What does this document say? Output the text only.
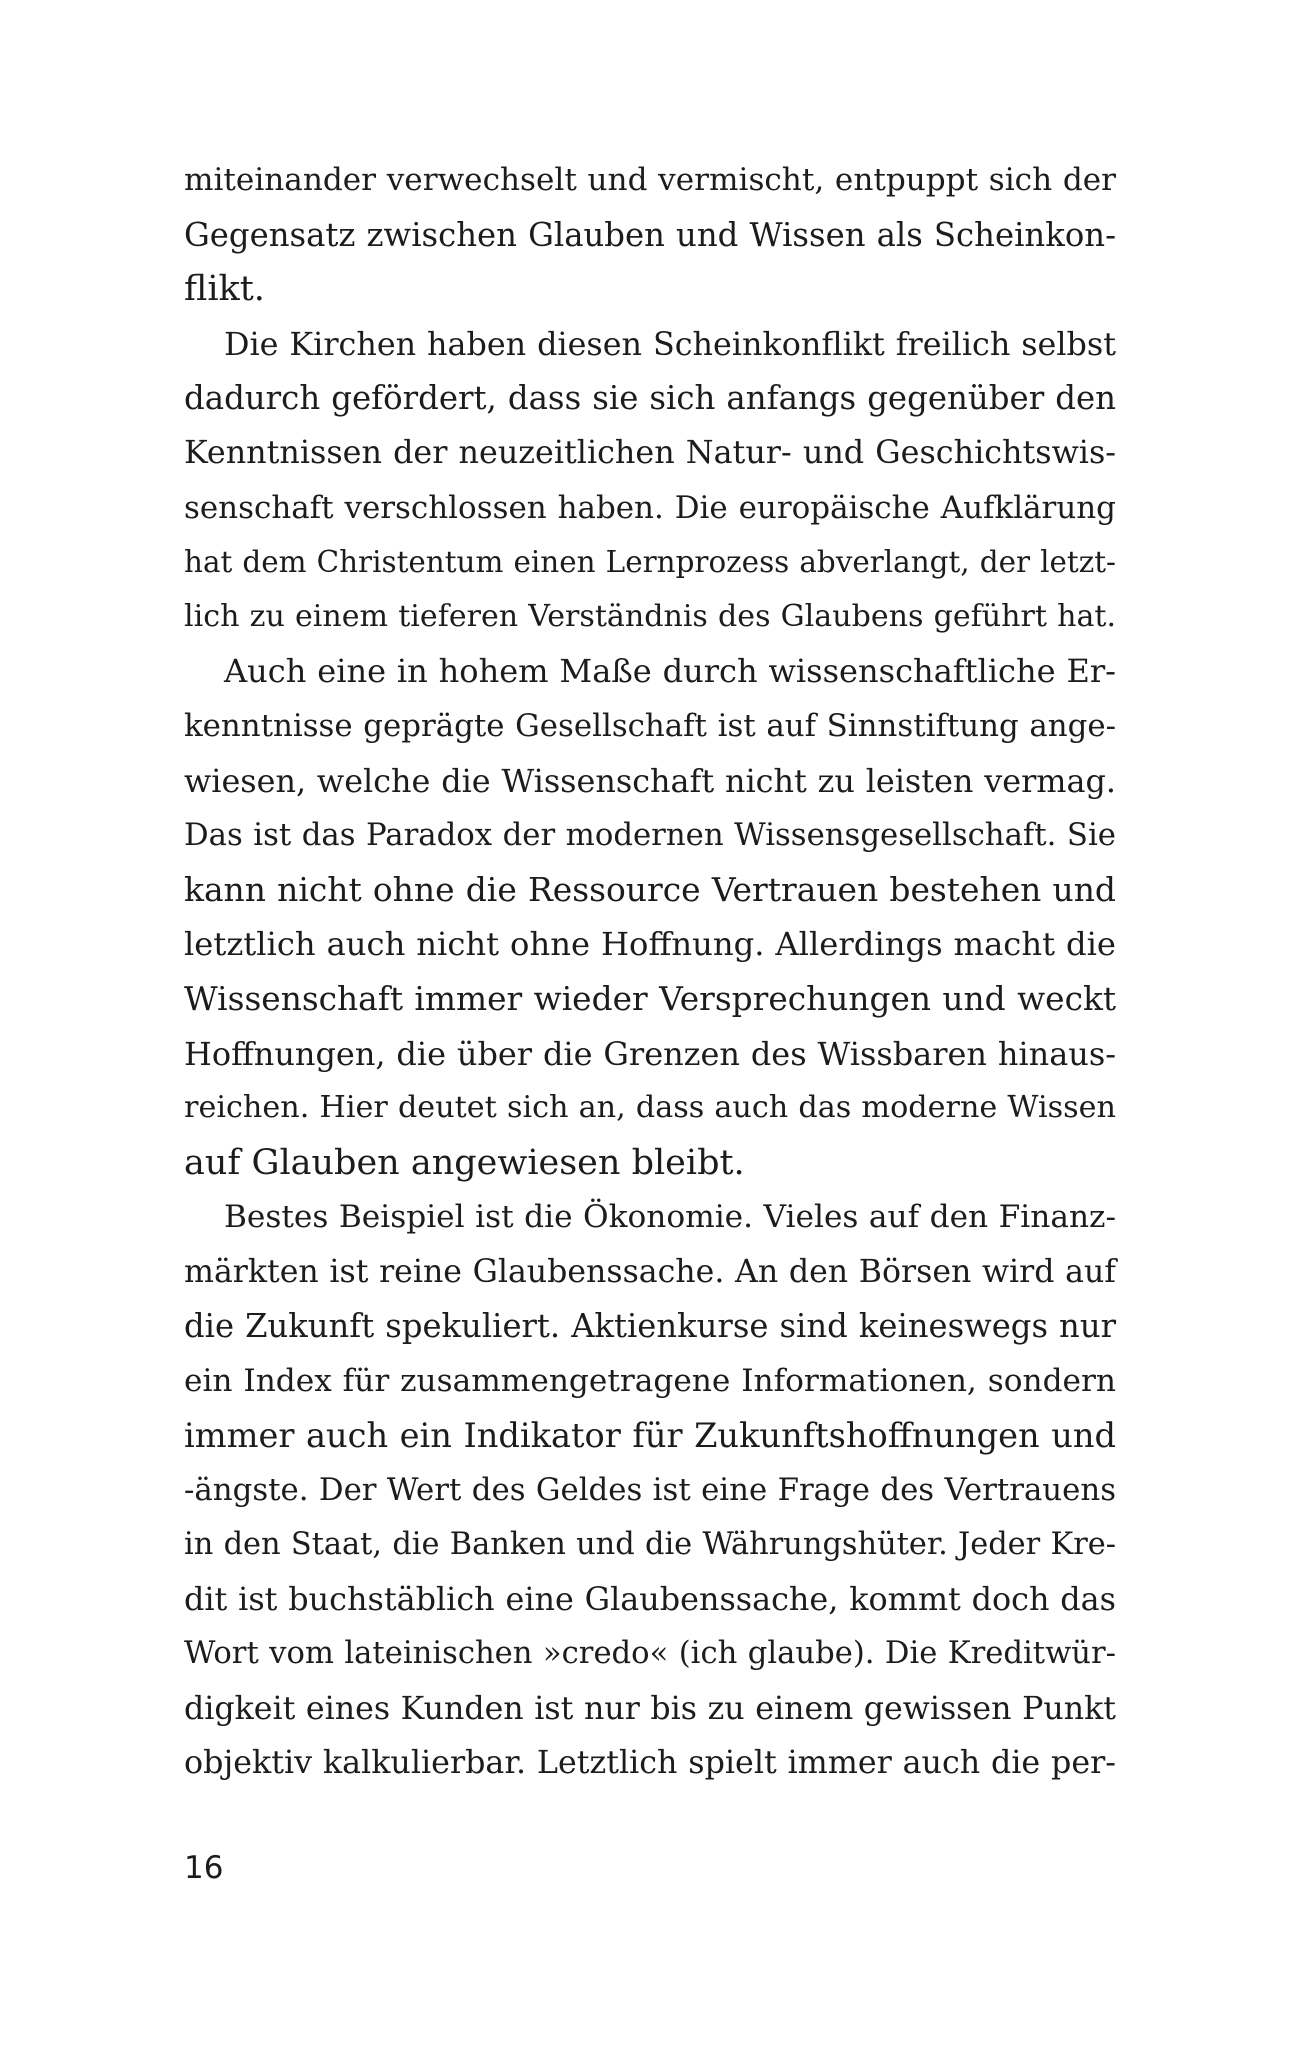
miteinander verwechselt und vermischt, entpuppt sich der
Gegensatz zwischen Glauben und Wissen als Scheinkon-
flikt.
Die Kirchen haben diesen Scheinkonflikt freilich selbst
dadurch gefördert, dass sie sich anfangs gegenüber den
Kenntnissen der neuzeitlichen Natur- und Geschichtswis-
senschaft verschlossen haben. Die europäische Aufklärung
hat dem Christentum einen Lernprozess abverlangt, der letzt-
lich zu einem tieferen Verständnis des Glaubens geführt hat.
Auch eine in hohem Maße durch wissenschaftliche Er-
kenntnisse geprägte Gesellschaft ist auf Sinnstiftung ange-
wiesen, welche die Wissenschaft nicht zu leisten vermag.
Das ist das Paradox der modernen Wissensgesellschaft. Sie
kann nicht ohne die Ressource Vertrauen bestehen und
letztlich auch nicht ohne Hoffnung. Allerdings macht die
Wissenschaft immer wieder Versprechungen und weckt
Hoffnungen, die über die Grenzen des Wissbaren hinaus-
reichen. Hier deutet sich an, dass auch das moderne Wissen
auf Glauben angewiesen bleibt.
Bestes Beispiel ist die Ökonomie. Vieles auf den Finanz-
märkten ist reine Glaubenssache. An den Börsen wird auf
die Zukunft spekuliert. Aktienkurse sind keineswegs nur
ein Index für zusammengetragene Informationen, sondern
immer auch ein Indikator für Zukunftshoffnungen und
-ängste. Der Wert des Geldes ist eine Frage des Vertrauens
in den Staat, die Banken und die Währungshüter. Jeder Kre-
dit ist buchstäblich eine Glaubenssache, kommt doch das
Wort vom lateinischen »credo« (ich glaube). Die Kreditwür-
digkeit eines Kunden ist nur bis zu einem gewissen Punkt
objektiv kalkulierbar. Letztlich spielt immer auch die per-
16
